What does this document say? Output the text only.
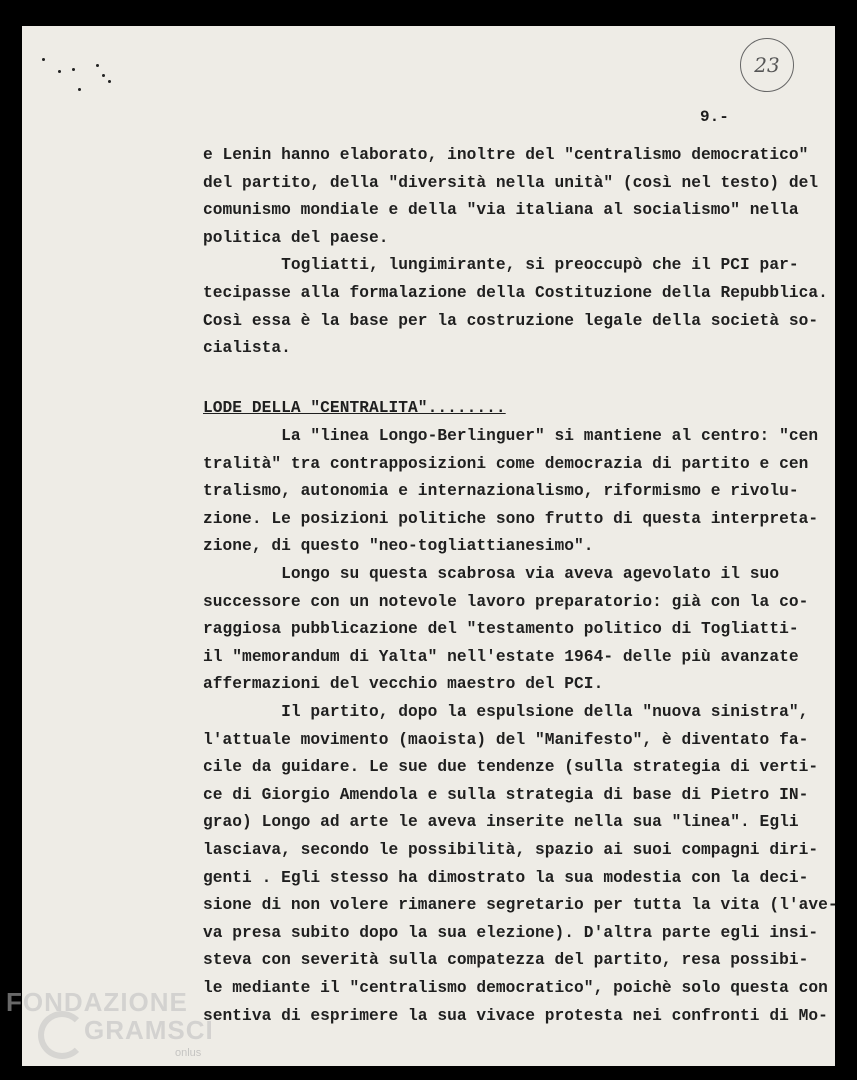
23
9.-
e Lenin hanno elaborato, inoltre del "centralismo democratico"
del partito, della "diversità nella unità" (così nel testo) del
comunismo mondiale e della "via italiana al socialismo" nella
politica del paese.
Togliatti, lungimirante, si preoccupò che il PCI par-
tecipasse alla formalazione della Costituzione della Repubblica.
Così essa è la base per la costruzione legale della società so-
cialista.
LODE DELLA "CENTRALITA"........
La "linea Longo-Berlinguer" si mantiene al centro: "cen
tralità" tra contrapposizioni come democrazia di partito e cen
tralismo, autonomia e internazionalismo, riformismo e rivolu-
zione. Le posizioni politiche sono frutto di questa interpreta-
zione, di questo "neo-togliattianesimo".
Longo su questa scabrosa via aveva agevolato il suo
successore con un notevole lavoro preparatorio: già con la co-
raggiosa pubblicazione del "testamento politico di Togliatti-
il "memorandum di Yalta" nell'estate 1964- delle più avanzate
affermazioni del vecchio maestro del PCI.
Il partito, dopo la espulsione della "nuova sinistra",
l'attuale movimento (maoista) del "Manifesto", è diventato fa-
cile da guidare. Le sue due tendenze (sulla strategia di verti-
ce di Giorgio Amendola e sulla strategia di base di Pietro IN-
grao) Longo ad arte le aveva inserite nella sua "linea". Egli
lasciava, secondo le possibilità, spazio ai suoi compagni diri-
genti . Egli stesso ha dimostrato la sua modestia con la deci-
sione di non volere rimanere segretario per tutta la vita (l'ave-
va presa subito dopo la sua elezione). D'altra parte egli insi-
steva con severità sulla compatezza del partito, resa possibi-
le mediante il "centralismo democratico", poichè solo questa con
sentiva di esprimere la sua vivace protesta nei confronti di Mo-
FONDAZIONE
GRAMSCI
onlus
